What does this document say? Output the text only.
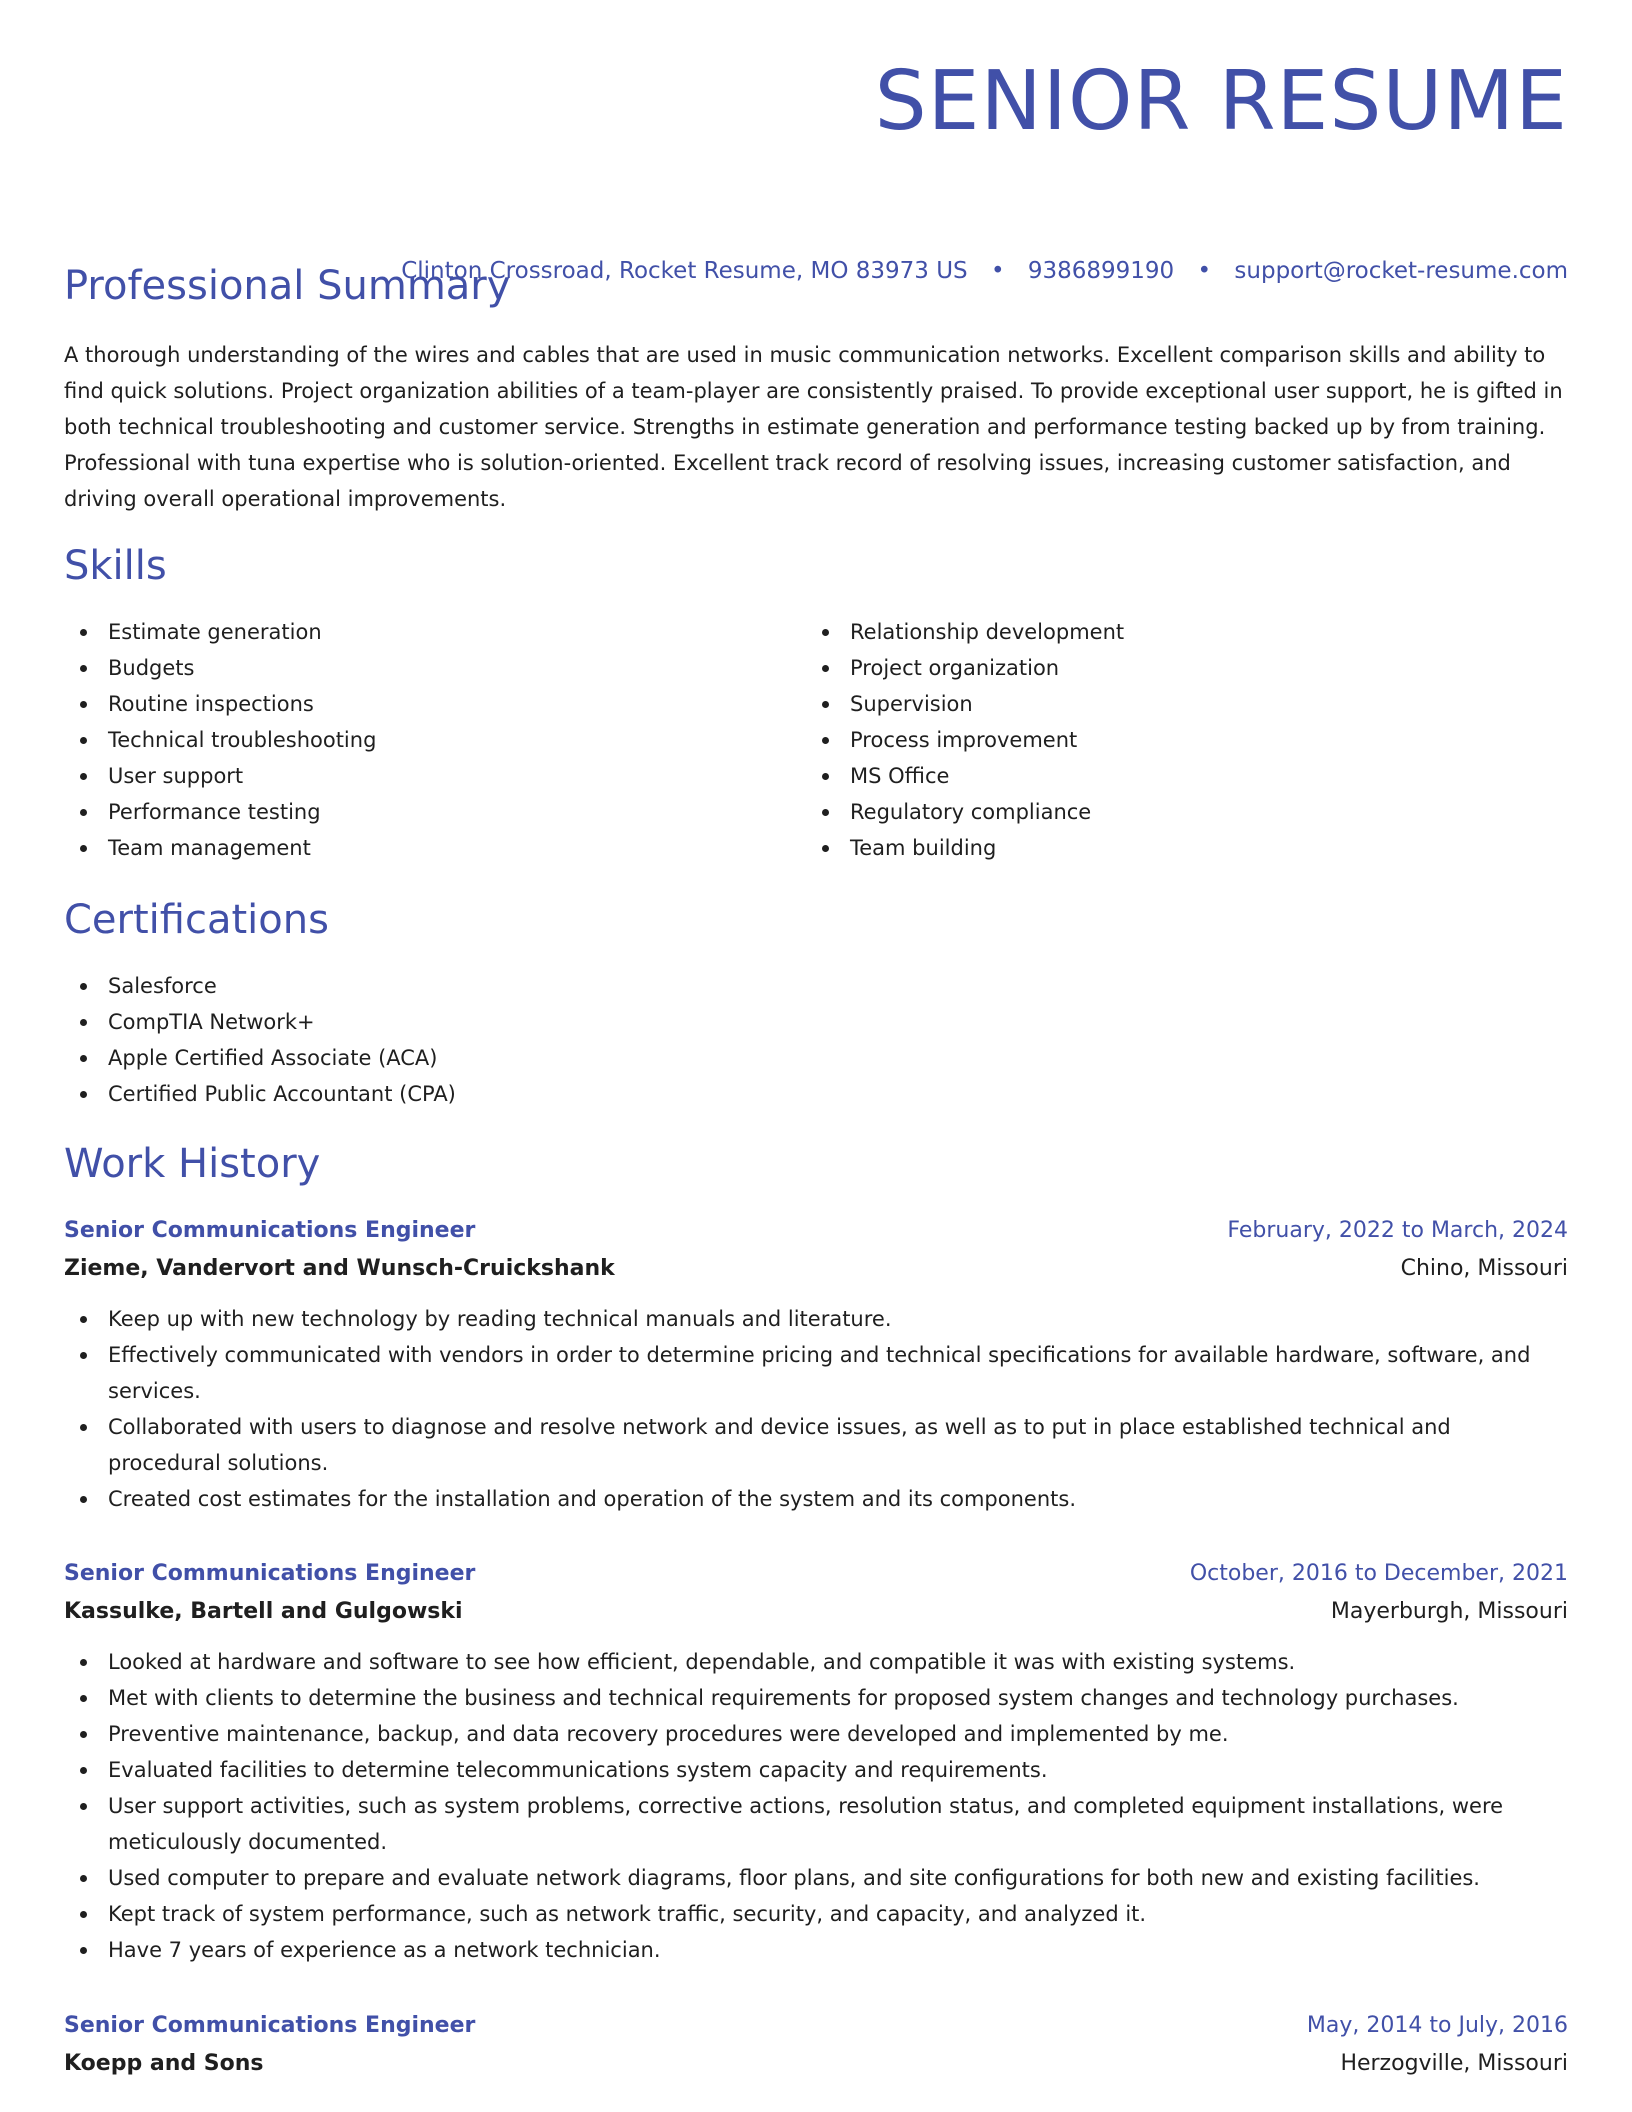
SENIOR RESUME
Clinton Crossroad, Rocket Resume, MO 83973 US • 9386899190 • support@rocket-resume.com
Professional Summary

A thorough understanding of the wires and cables that are used in music communication networks. Excellent comparison skills and ability to find quick solutions. Project organization abilities of a team-player are consistently praised. To provide exceptional user support, he is gifted in both technical troubleshooting and customer service. Strengths in estimate generation and performance testing backed up by from training. Professional with tuna expertise who is solution-oriented. Excellent track record of resolving issues, increasing customer satisfaction, and driving overall operational improvements.

Skills
Estimate generation
Budgets
Routine inspections
Technical troubleshooting
User support
Performance testing
Team management
Relationship development
Project organization
Supervision
Process improvement
MS Office
Regulatory compliance
Team building
Certifications
Salesforce
CompTIA Network+
Apple Certified Associate (ACA)
Certified Public Accountant (CPA)
Work History
Senior Communications Engineer	February, 2022 to March, 2024
Zieme, Vandervort and Wunsch-Cruickshank	Chino, Missouri
Keep up with new technology by reading technical manuals and literature.
Effectively communicated with vendors in order to determine pricing and technical specifications for available hardware, software, and services.
Collaborated with users to diagnose and resolve network and device issues, as well as to put in place established technical and procedural solutions.
Created cost estimates for the installation and operation of the system and its components.
Senior Communications Engineer	October, 2016 to December, 2021
Kassulke, Bartell and Gulgowski	Mayerburgh, Missouri
Looked at hardware and software to see how efficient, dependable, and compatible it was with existing systems.
Met with clients to determine the business and technical requirements for proposed system changes and technology purchases.
Preventive maintenance, backup, and data recovery procedures were developed and implemented by me.
Evaluated facilities to determine telecommunications system capacity and requirements.
User support activities, such as system problems, corrective actions, resolution status, and completed equipment installations, were meticulously documented.
Used computer to prepare and evaluate network diagrams, floor plans, and site configurations for both new and existing facilities.
Kept track of system performance, such as network traffic, security, and capacity, and analyzed it.
Have 7 years of experience as a network technician.
Senior Communications Engineer	May, 2014 to July, 2016
Koepp and Sons	Herzogville, Missouri
